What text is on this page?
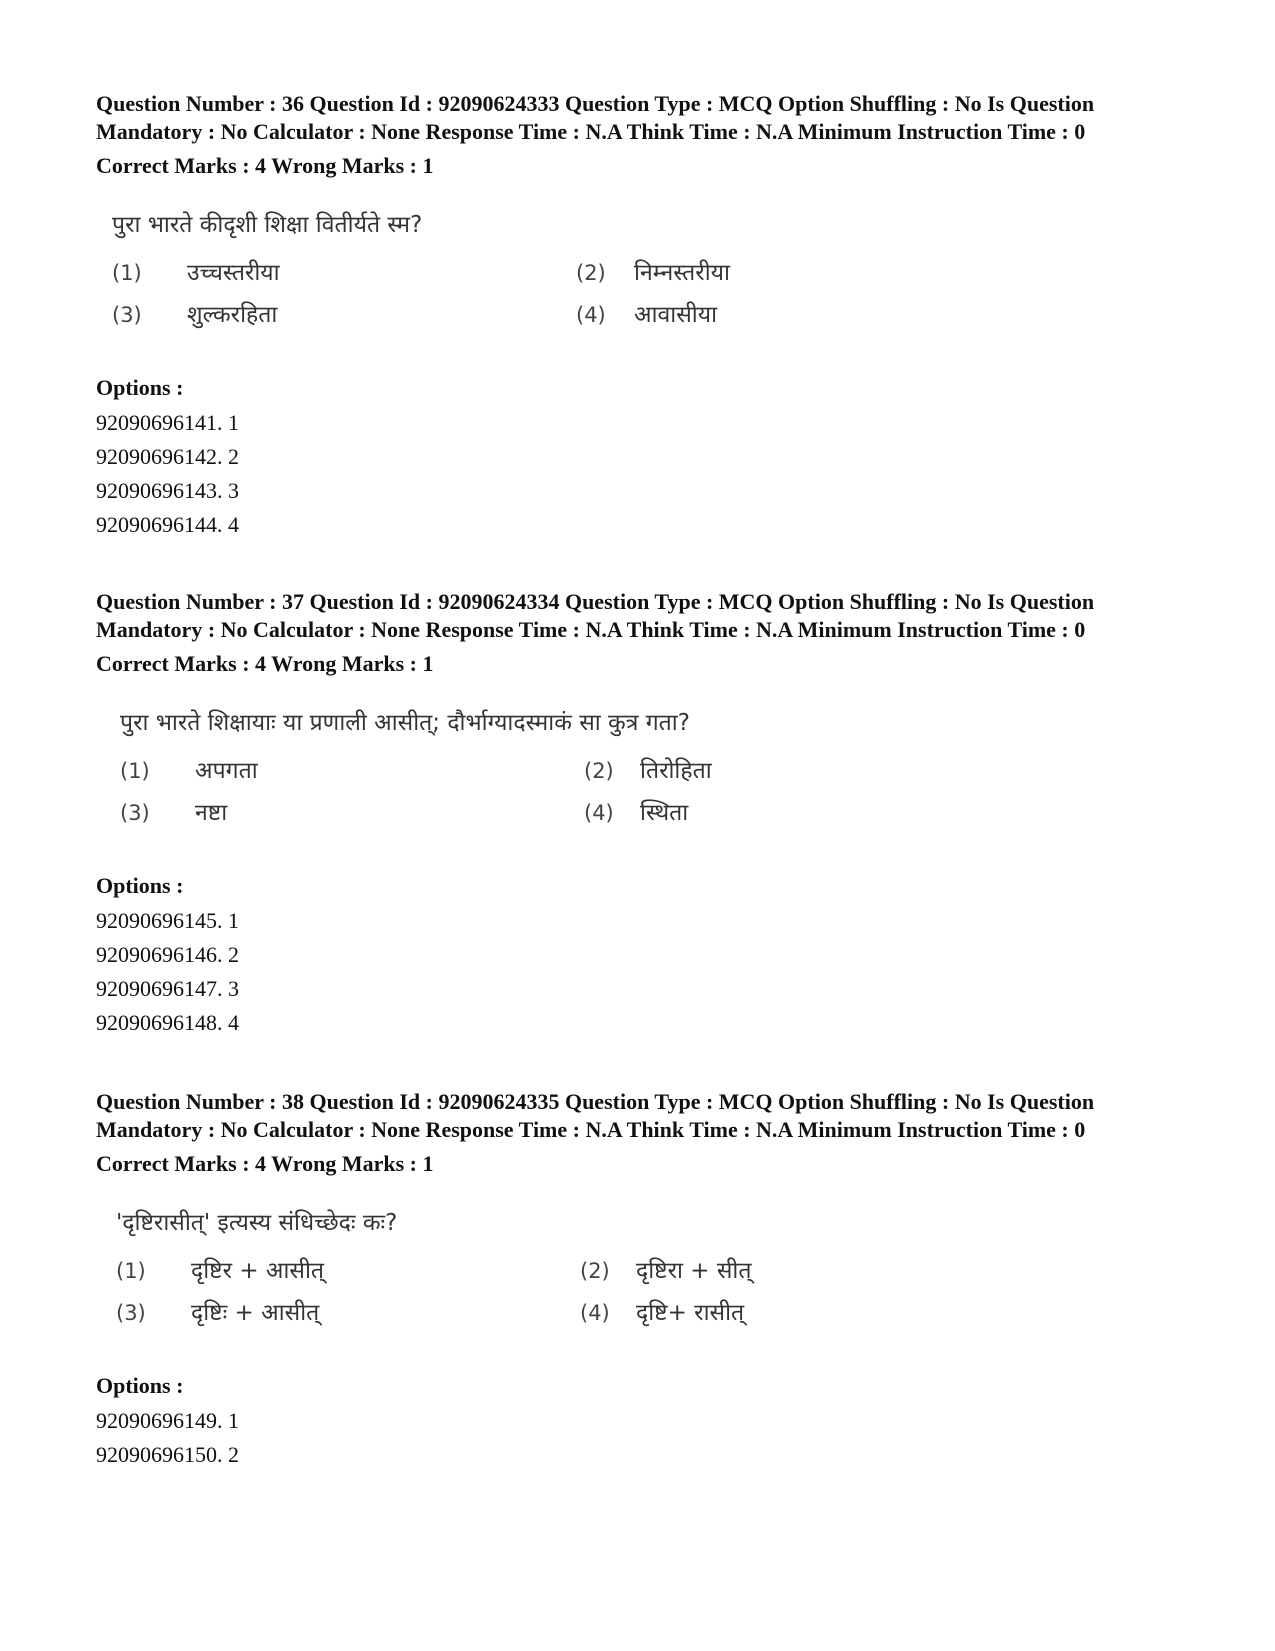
Question Number : 36 Question Id : 92090624333 Question Type : MCQ Option Shuffling : No Is Question Mandatory : No Calculator : None Response Time : N.A Think Time : N.A Minimum Instruction Time : 0

Correct Marks : 4 Wrong Marks : 1
पुरा भारते कीदृशी शिक्षा वितीर्यते स्म?
(1) उच्चस्तरीया	(2) निम्नस्तरीया
(3) शुल्करहिता	(4) आवासीया
Options :
92090696141. 1
92090696142. 2
92090696143. 3
92090696144. 4

Question Number : 37 Question Id : 92090624334 Question Type : MCQ Option Shuffling : No Is Question Mandatory : No Calculator : None Response Time : N.A Think Time : N.A Minimum Instruction Time : 0

Correct Marks : 4 Wrong Marks : 1
पुरा भारते शिक्षायाः या प्रणाली आसीत्; दौर्भाग्यादस्माकं सा कुत्र गता?
(1) अपगता	(2) तिरोहिता
(3) नष्टा	(4) स्थिता
Options :
92090696145. 1
92090696146. 2
92090696147. 3
92090696148. 4

Question Number : 38 Question Id : 92090624335 Question Type : MCQ Option Shuffling : No Is Question Mandatory : No Calculator : None Response Time : N.A Think Time : N.A Minimum Instruction Time : 0

Correct Marks : 4 Wrong Marks : 1
'दृष्टिरासीत्' इत्यस्य संधिच्छेदः कः?
(1) दृष्टिर + आसीत्	(2) दृष्टिरा + सीत्
(3) दृष्टिः + आसीत्	(4) दृष्टि+ रासीत्
Options :
92090696149. 1
92090696150. 2
